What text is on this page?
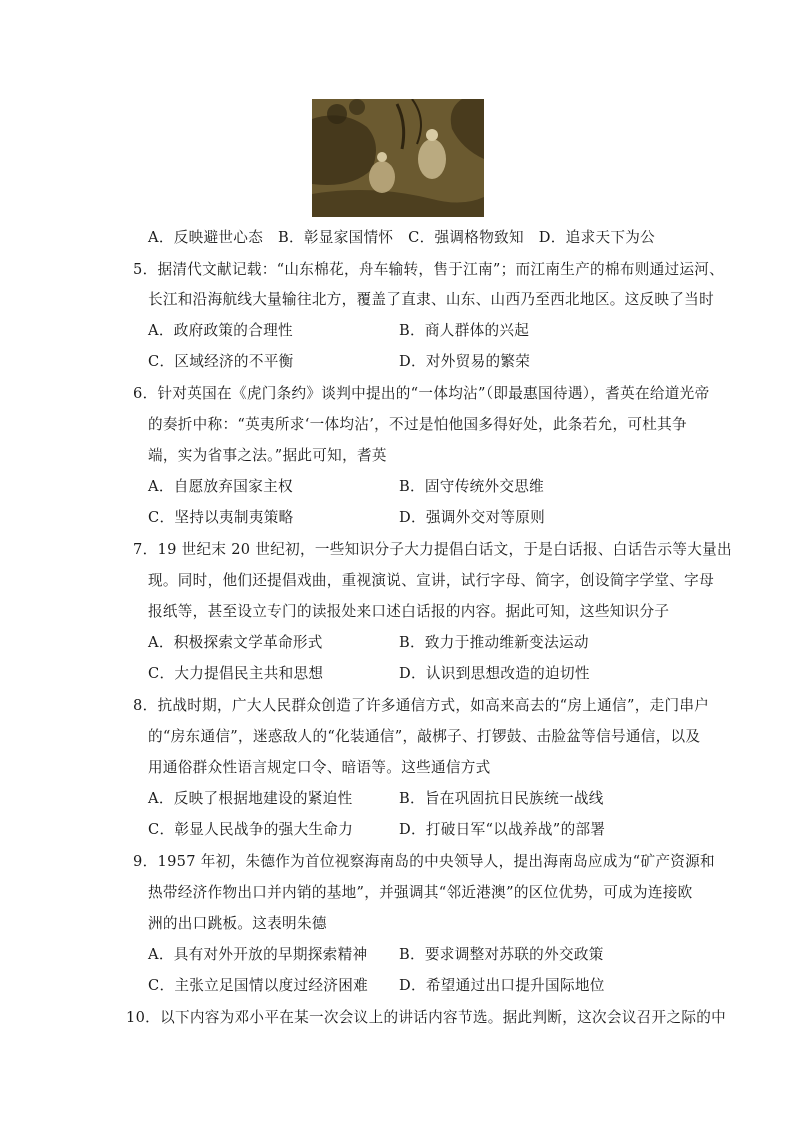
A．反映避世心态　B．彰显家国情怀　C．强调格物致知　D．追求天下为公
5．据清代文献记载：“山东棉花，舟车输转，售于江南”；而江南生产的棉布则通过运河、
长江和沿海航线大量输往北方，覆盖了直隶、山东、山西乃至西北地区。这反映了当时
A．政府政策的合理性	B．商人群体的兴起
C．区域经济的不平衡	D．对外贸易的繁荣
6．针对英国在《虎门条约》谈判中提出的“一体均沾”（即最惠国待遇），耆英在给道光帝
的奏折中称：“英夷所求‘一体均沾’，不过是怕他国多得好处，此条若允，可杜其争
端，实为省事之法。”据此可知，耆英
A．自愿放弃国家主权	B．固守传统外交思维
C．坚持以夷制夷策略	D．强调外交对等原则
7．19 世纪末 20 世纪初，一些知识分子大力提倡白话文，于是白话报、白话告示等大量出
现。同时，他们还提倡戏曲，重视演说、宣讲，试行字母、简字，创设简字学堂、字母
报纸等，甚至设立专门的读报处来口述白话报的内容。据此可知，这些知识分子
A．积极探索文学革命形式	B．致力于推动维新变法运动
C．大力提倡民主共和思想	D．认识到思想改造的迫切性
8．抗战时期，广大人民群众创造了许多通信方式，如高来高去的“房上通信”，走门串户
的“房东通信”，迷惑敌人的“化装通信”，敲梆子、打锣鼓、击脸盆等信号通信，以及
用通俗群众性语言规定口令、暗语等。这些通信方式
A．反映了根据地建设的紧迫性	B．旨在巩固抗日民族统一战线
C．彰显人民战争的强大生命力	D．打破日军“以战养战”的部署
9．1957 年初，朱德作为首位视察海南岛的中央领导人，提出海南岛应成为“矿产资源和
热带经济作物出口并内销的基地”，并强调其“邻近港澳”的区位优势，可成为连接欧
洲的出口跳板。这表明朱德
A．具有对外开放的早期探索精神 B．要求调整对苏联的外交政策
C．主张立足国情以度过经济困难 D．希望通过出口提升国际地位
10．以下内容为邓小平在某一次会议上的讲话内容节选。据此判断，这次会议召开之际的中
